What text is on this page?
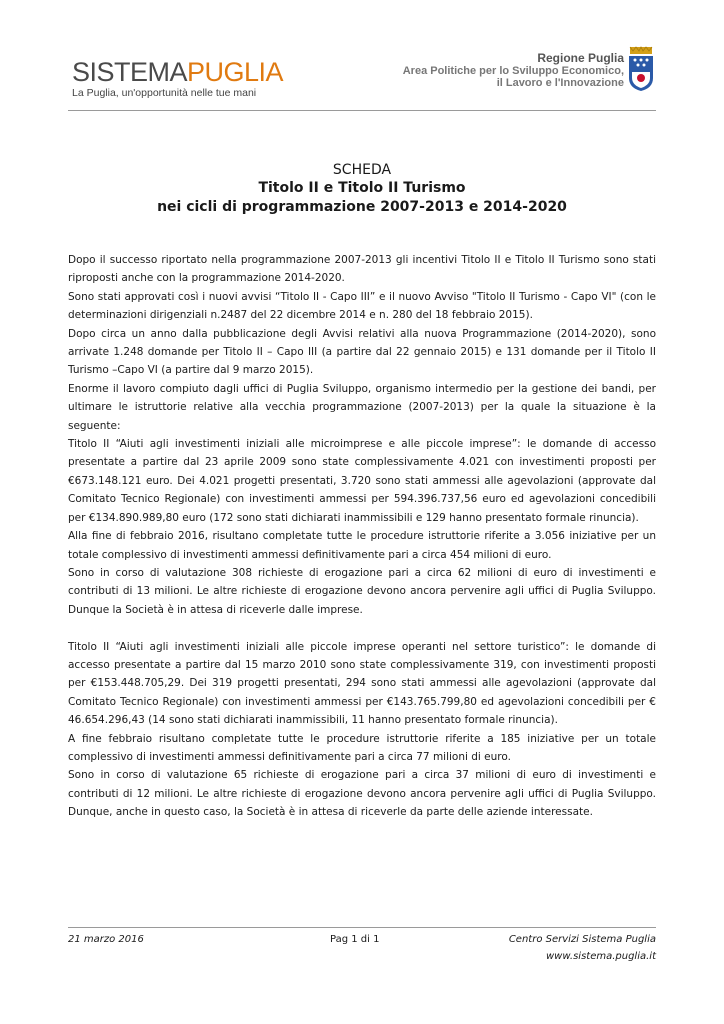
SISTEMAPUGLIA
La Puglia, un'opportunità nelle tue mani
Regione Puglia
Area Politiche per lo Sviluppo Economico,
il Lavoro e l'Innovazione
SCHEDA
Titolo II e Titolo II Turismo
nei cicli di programmazione 2007-2013 e 2014-2020

Dopo il successo riportato nella programmazione 2007-2013 gli incentivi Titolo II e Titolo II Turismo sono stati riproposti anche con la programmazione 2014-2020.

Sono stati approvati così i nuovi avvisi “Titolo II - Capo III” e il nuovo Avviso "Titolo II Turismo - Capo VI" (con le determinazioni dirigenziali n.2487 del 22 dicembre 2014 e n. 280 del 18 febbraio 2015).

Dopo circa un anno dalla pubblicazione degli Avvisi relativi alla nuova Programmazione (2014-2020), sono arrivate 1.248 domande per Titolo II – Capo III (a partire dal 22 gennaio 2015) e 131 domande per il Titolo II Turismo –Capo VI (a partire dal 9 marzo 2015).

Enorme il lavoro compiuto dagli uffici di Puglia Sviluppo, organismo intermedio per la gestione dei bandi, per ultimare le istruttorie relative alla vecchia programmazione (2007-2013) per la quale la situazione è la seguente:

Titolo II “Aiuti agli investimenti iniziali alle microimprese e alle piccole imprese”: le domande di accesso presentate a partire dal 23 aprile 2009 sono state complessivamente 4.021 con investimenti proposti per €673.148.121 euro. Dei 4.021 progetti presentati, 3.720 sono stati ammessi alle agevolazioni (approvate dal Comitato Tecnico Regionale) con investimenti ammessi per 594.396.737,56 euro ed agevolazioni concedibili per €134.890.989,80 euro (172 sono stati dichiarati inammissibili e 129 hanno presentato formale rinuncia).

Alla fine di febbraio 2016, risultano completate tutte le procedure istruttorie riferite a 3.056 iniziative per un totale complessivo di investimenti ammessi definitivamente pari a circa 454 milioni di euro.

Sono in corso di valutazione 308 richieste di erogazione pari a circa 62 milioni di euro di investimenti e contributi di 13 milioni. Le altre richieste di erogazione devono ancora pervenire agli uffici di Puglia Sviluppo. Dunque la Società è in attesa di riceverle dalle imprese.

Titolo II “Aiuti agli investimenti iniziali alle piccole imprese operanti nel settore turistico”: le domande di accesso presentate a partire dal 15 marzo 2010 sono state complessivamente 319, con investimenti proposti per €153.448.705,29. Dei 319 progetti presentati, 294 sono stati ammessi alle agevolazioni (approvate dal Comitato Tecnico Regionale) con investimenti ammessi per €143.765.799,80 ed agevolazioni concedibili per € 46.654.296,43 (14 sono stati dichiarati inammissibili, 11 hanno presentato formale rinuncia).

A fine febbraio risultano completate tutte le procedure istruttorie riferite a 185 iniziative per un totale complessivo di investimenti ammessi definitivamente pari a circa 77 milioni di euro.

Sono in corso di valutazione 65 richieste di erogazione pari a circa 37 milioni di euro di investimenti e contributi di 12 milioni. Le altre richieste di erogazione devono ancora pervenire agli uffici di Puglia Sviluppo. Dunque, anche in questo caso, la Società è in attesa di riceverle da parte delle aziende interessate.

21 marzo 2016	Pag 1 di 1	Centro Servizi Sistema Puglia
www.sistema.puglia.it
